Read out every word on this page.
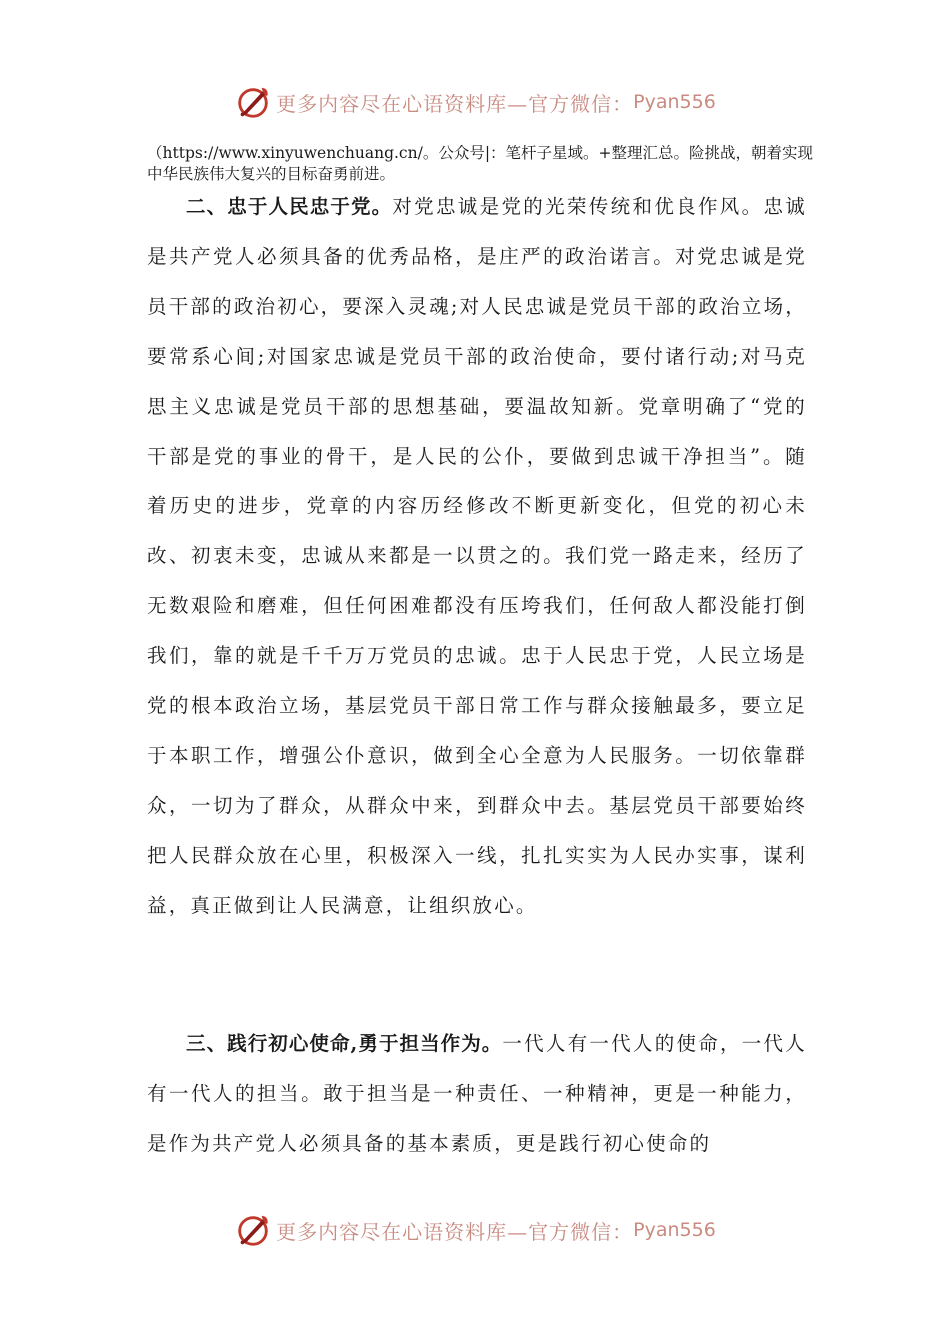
更多内容尽在心语资料库—官方微信： Pyan556
（https://www.xinyuwenchuang.cn/。公众号|：笔杆子星域。+整理汇总。险挑战，朝着实现中华民族伟大复兴的目标奋勇前进。

二、忠于人民忠于党。对党忠诚是党的光荣传统和优良作风。忠诚是共产党人必须具备的优秀品格，是庄严的政治诺言。对党忠诚是党员干部的政治初心，要深入灵魂;对人民忠诚是党员干部的政治立场，要常系心间;对国家忠诚是党员干部的政治使命，要付诸行动;对马克思主义忠诚是党员干部的思想基础，要温故知新。党章明确了“党的干部是党的事业的骨干，是人民的公仆，要做到忠诚干净担当”。随着历史的进步，党章的内容历经修改不断更新变化，但党的初心未改、初衷未变，忠诚从来都是一以贯之的。我们党一路走来，经历了无数艰险和磨难，但任何困难都没有压垮我们，任何敌人都没能打倒我们，靠的就是千千万万党员的忠诚。忠于人民忠于党，人民立场是党的根本政治立场，基层党员干部日常工作与群众接触最多，要立足于本职工作，增强公仆意识，做到全心全意为人民服务。一切依靠群众，一切为了群众，从群众中来，到群众中去。基层党员干部要始终把人民群众放在心里，积极深入一线，扎扎实实为人民办实事，谋利益，真正做到让人民满意，让组织放心。

三、践行初心使命,勇于担当作为。一代人有一代人的使命，一代人有一代人的担当。敢于担当是一种责任、一种精神，更是一种能力，是作为共产党人必须具备的基本素质，更是践行初心使命的

更多内容尽在心语资料库—官方微信： Pyan556
